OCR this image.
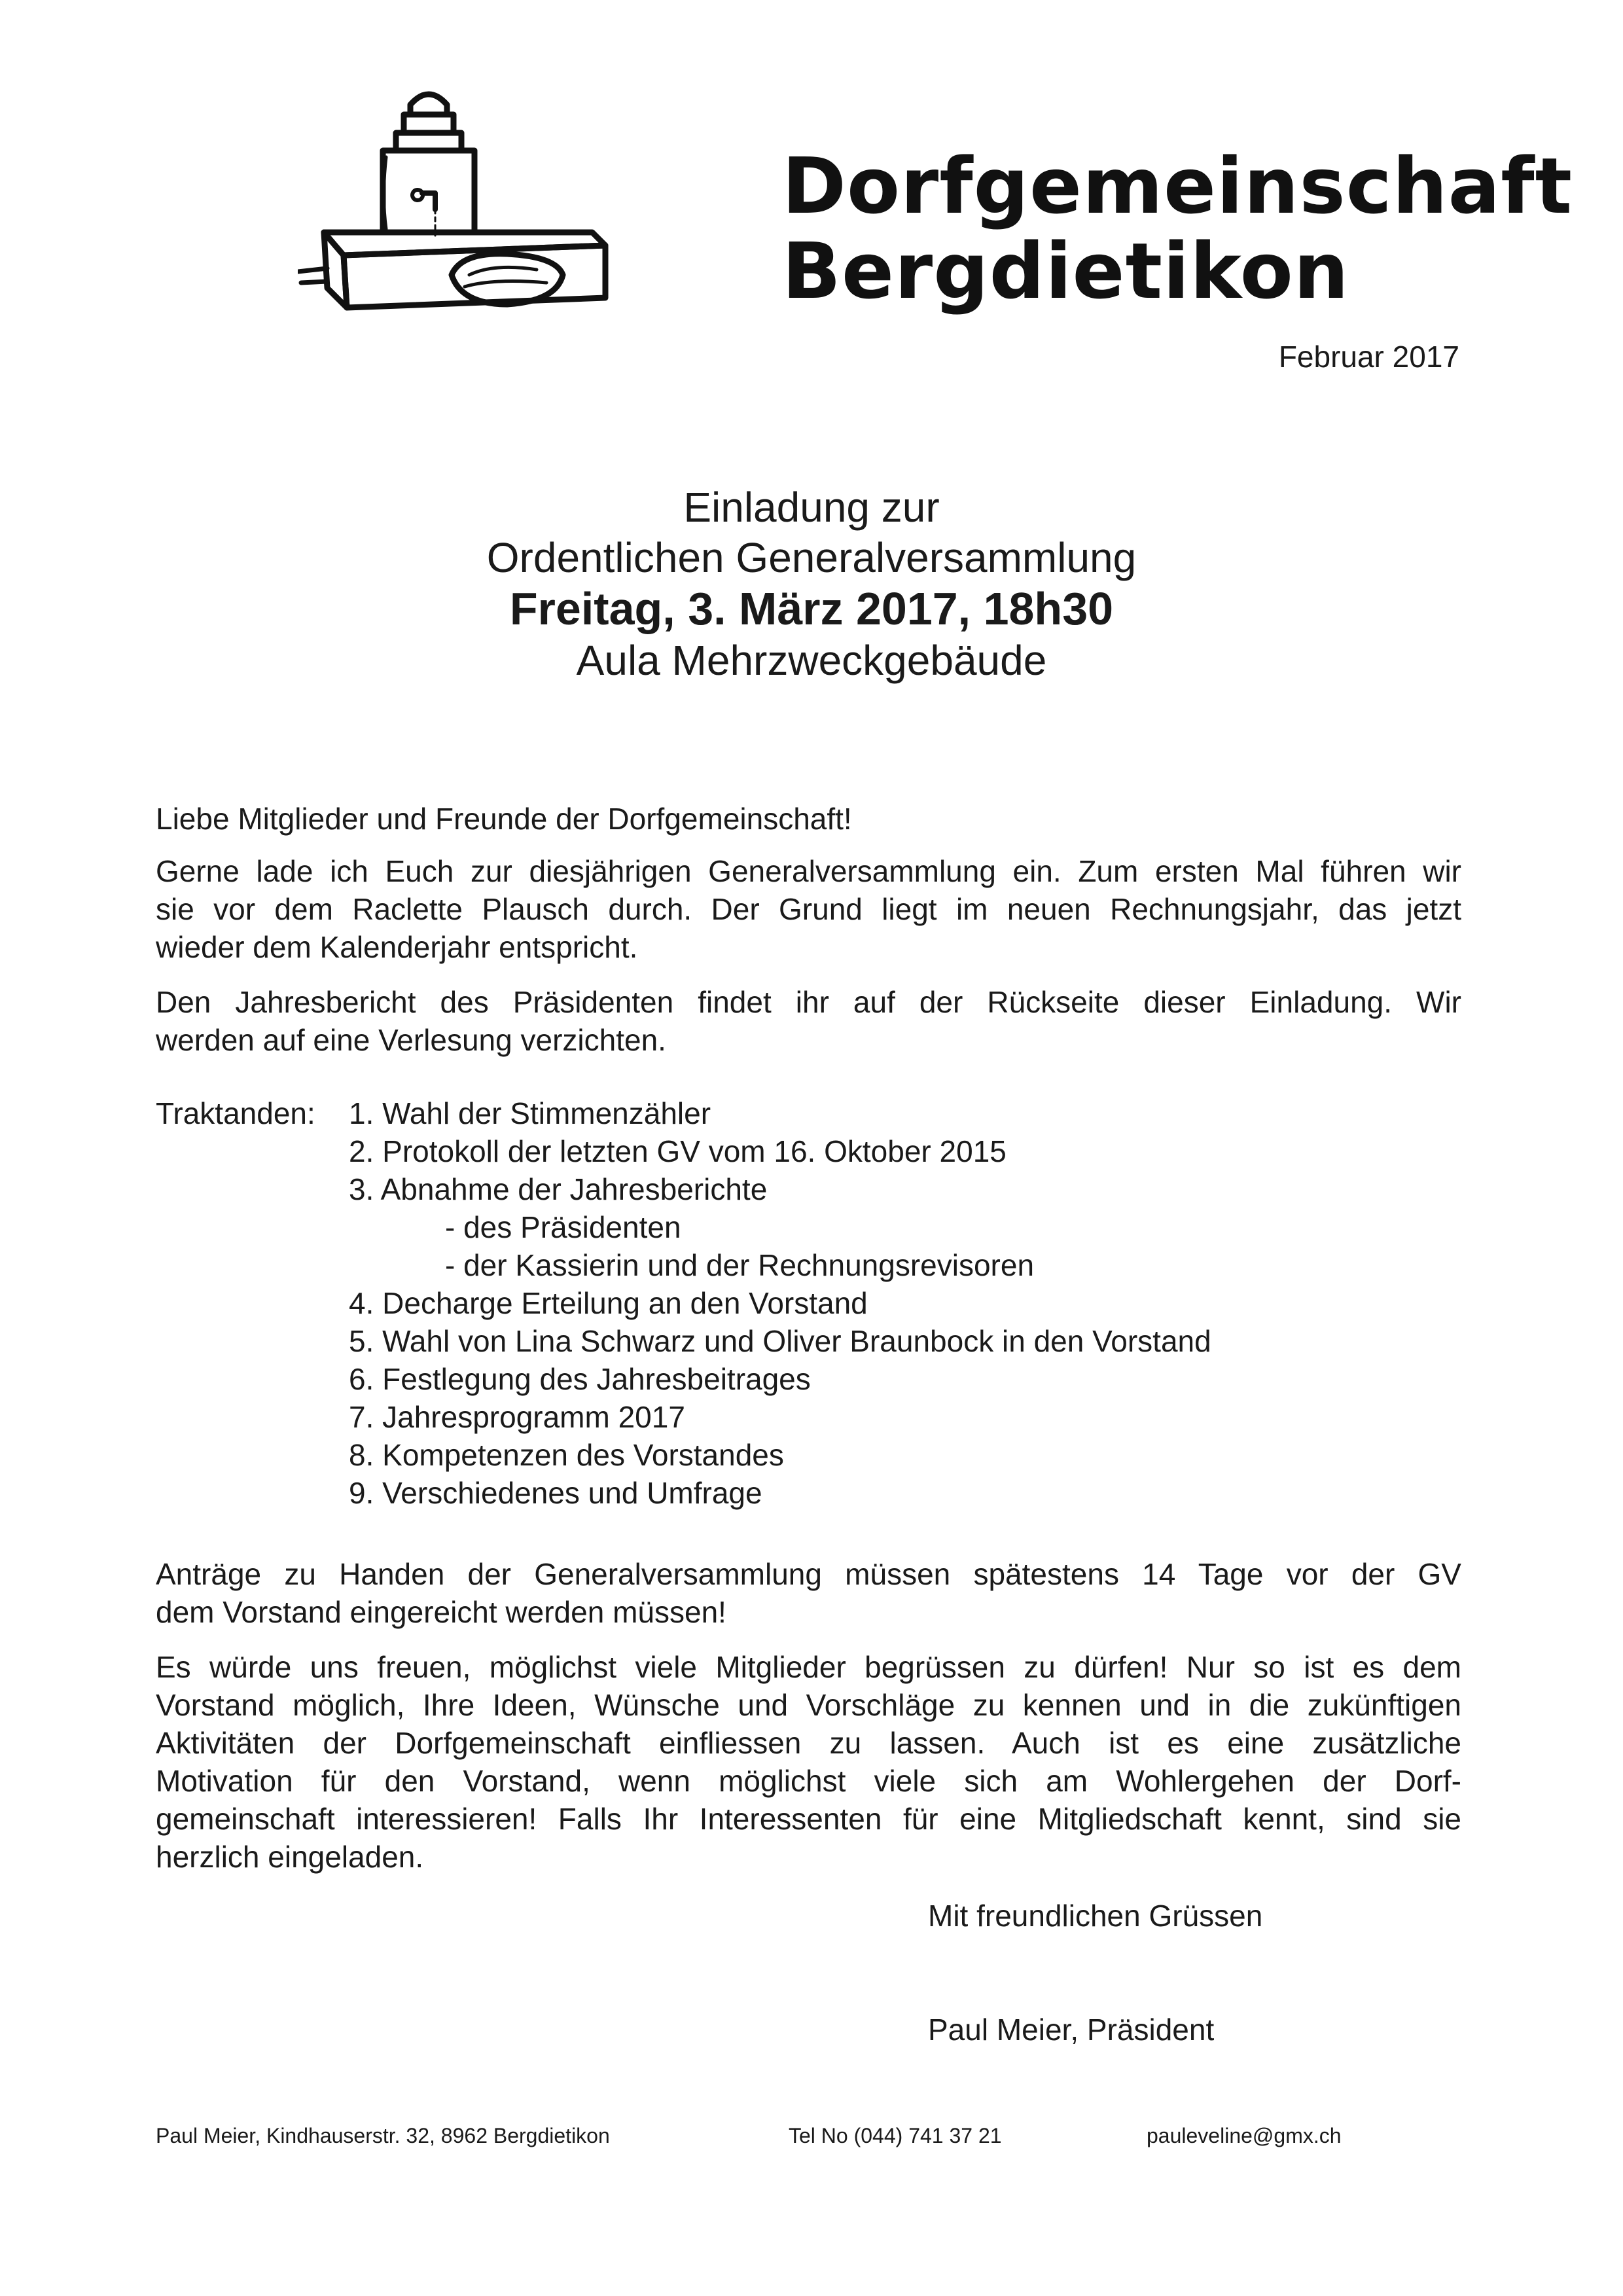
Dorfgemeinschaft
Bergdietikon
Februar 2017
Einladung zur
Ordentlichen Generalversammlung
Freitag, 3. März 2017, 18h30
Aula Mehrzweckgebäude
Liebe Mitglieder und Freunde der Dorfgemeinschaft!
Gerne lade ich Euch zur diesjährigen Generalversammlung ein. Zum ersten Mal führen wir
sie vor dem Raclette Plausch durch. Der Grund liegt im neuen Rechnungsjahr, das jetzt
wieder dem Kalenderjahr entspricht.
Den Jahresbericht des Präsidenten findet ihr auf der Rückseite dieser Einladung. Wir
werden auf eine Verlesung verzichten.
Traktanden: 1. Wahl der Stimmenzähler
2. Protokoll der letzten GV vom 16. Oktober 2015
3. Abnahme der Jahresberichte
- des Präsidenten
- der Kassierin und der Rechnungsrevisoren
4. Decharge Erteilung an den Vorstand
5. Wahl von Lina Schwarz und Oliver Braunbock in den Vorstand
6. Festlegung des Jahresbeitrages
7. Jahresprogramm 2017
8. Kompetenzen des Vorstandes
9. Verschiedenes und Umfrage
Anträge zu Handen der Generalversammlung müssen spätestens 14 Tage vor der GV
dem Vorstand eingereicht werden müssen!
Es würde uns freuen, möglichst viele Mitglieder begrüssen zu dürfen! Nur so ist es dem
Vorstand möglich, Ihre Ideen, Wünsche und Vorschläge zu kennen und in die zukünftigen
Aktivitäten der Dorfgemeinschaft einfliessen zu lassen. Auch ist es eine zusätzliche
Motivation für den Vorstand, wenn möglichst viele sich am Wohlergehen der Dorf-
gemeinschaft interessieren! Falls Ihr Interessenten für eine Mitgliedschaft kennt, sind sie
herzlich eingeladen.
Mit freundlichen Grüssen
Paul Meier, Präsident
Paul Meier, Kindhauserstr. 32, 8962 Bergdietikon	Tel No (044) 741 37 21	pauleveline@gmx.ch
